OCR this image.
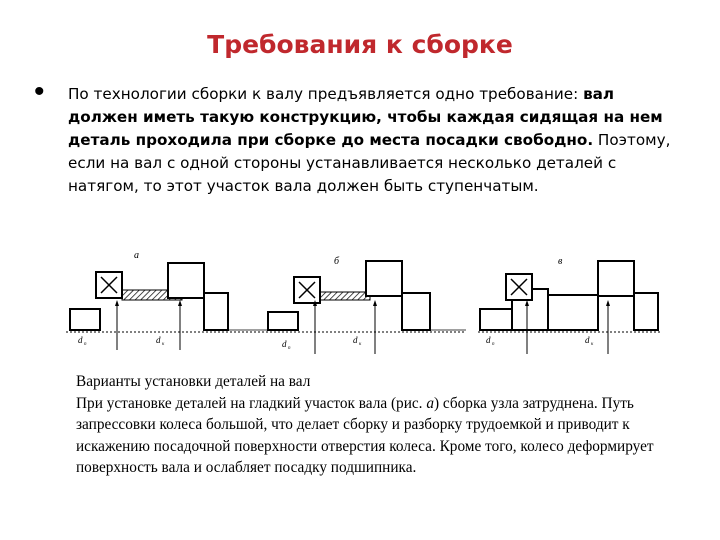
Требования к сборке
• По технологии сборки к валу предъявляется одно требование: вал должен иметь такую конструкцию, чтобы каждая сидящая на нем деталь проходила при сборке до места посадки свободно. Поэтому, если на вал с одной стороны устанавливается несколько деталей с натягом, то этот участок вала должен быть ступенчатым.
а
d п	d к
б
d п
d к
в
d п	d к

Варианты установки деталей на вал

При установке деталей на гладкий участок вала (рис. а) сборка узла затруднена. Путь запрессовки колеса большой, что делает сборку и разборку трудоемкой и приводит к искажению посадочной поверхности отверстия колеса. Кроме того, колесо деформирует поверхность вала и ослабляет посадку подшипника.
